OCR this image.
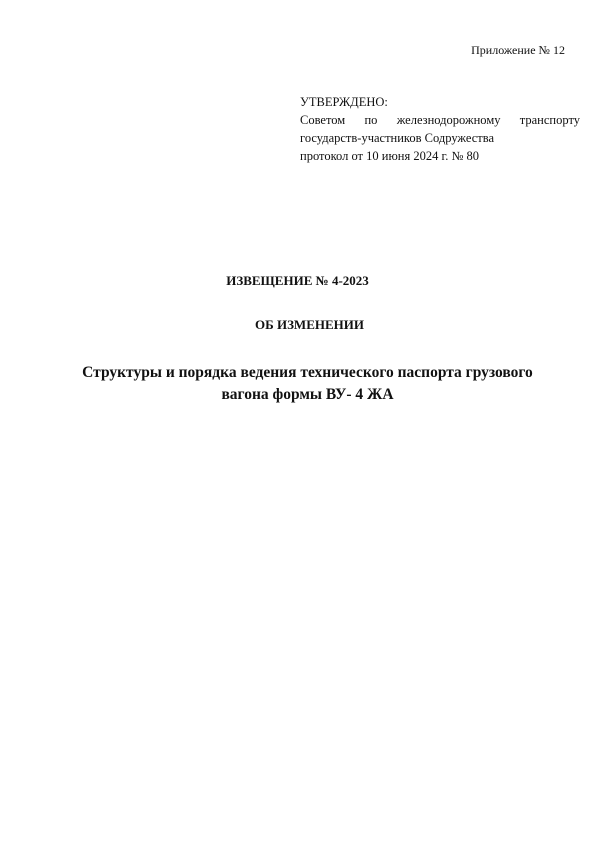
Приложение № 12
УТВЕРЖДЕНО:
Советом по железнодорожному транспорту
государств-участников Содружества
протокол от 10 июня 2024 г. № 80
ИЗВЕЩЕНИЕ № 4-2023
ОБ ИЗМЕНЕНИИ
Структуры и порядка ведения технического паспорта грузового
вагона формы ВУ- 4 ЖА
